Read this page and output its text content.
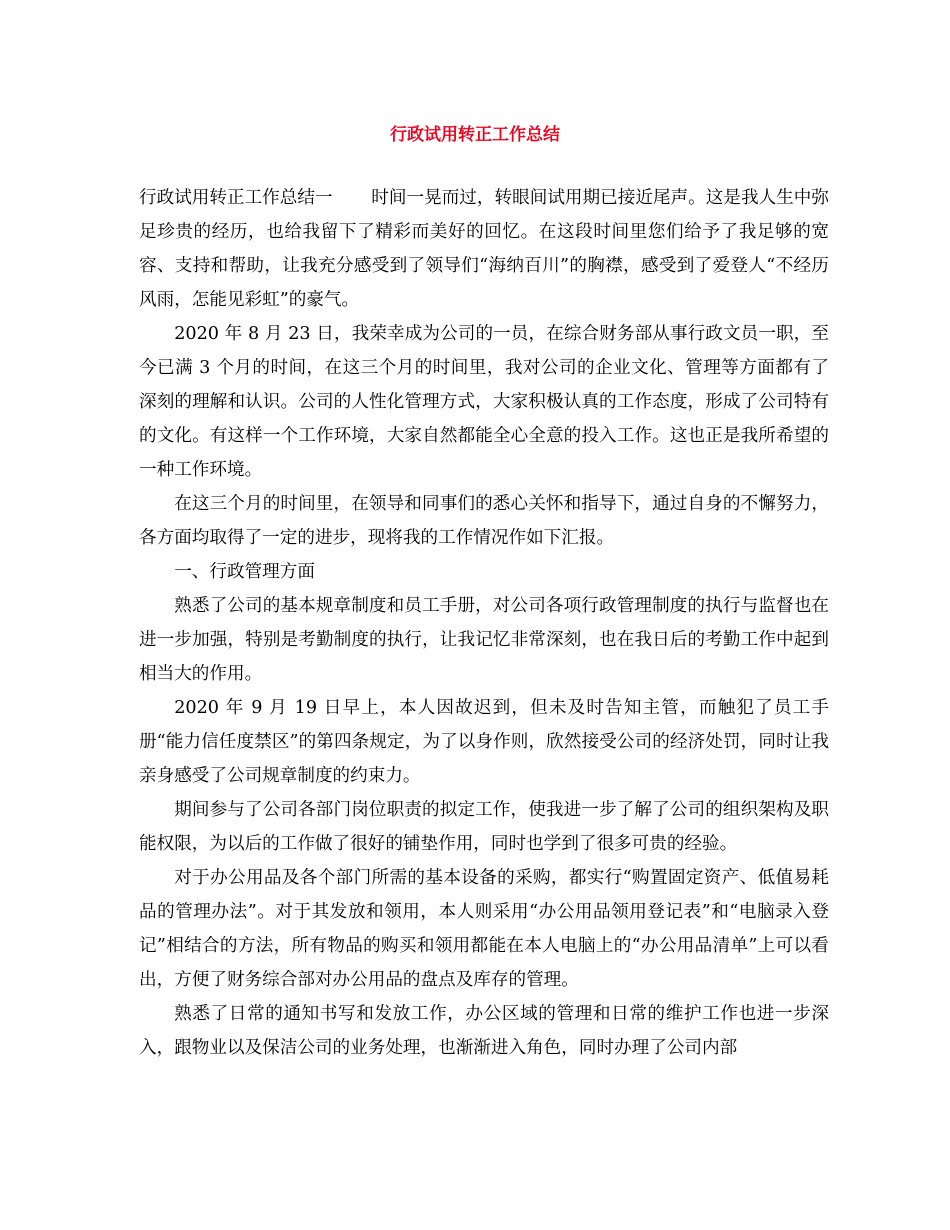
行政试用转正工作总结

行政试用转正工作总结一 时间一晃而过，转眼间试用期已接近尾声。这是我人生中弥足珍贵的经历，也给我留下了精彩而美好的回忆。在这段时间里您们给予了我足够的宽容、支持和帮助，让我充分感受到了领导们“海纳百川”的胸襟，感受到了爱登人“不经历风雨，怎能见彩虹”的豪气。

2020 年 8 月 23 日，我荣幸成为公司的一员，在综合财务部从事行政文员一职，至今已满 3 个月的时间，在这三个月的时间里，我对公司的企业文化、管理等方面都有了深刻的理解和认识。公司的人性化管理方式，大家积极认真的工作态度，形成了公司特有的文化。有这样一个工作环境，大家自然都能全心全意的投入工作。这也正是我所希望的一种工作环境。

在这三个月的时间里，在领导和同事们的悉心关怀和指导下，通过自身的不懈努力，各方面均取得了一定的进步，现将我的工作情况作如下汇报。

一、行政管理方面

熟悉了公司的基本规章制度和员工手册，对公司各项行政管理制度的执行与监督也在进一步加强，特别是考勤制度的执行，让我记忆非常深刻，也在我日后的考勤工作中起到相当大的作用。

2020 年 9 月 19 日早上，本人因故迟到，但未及时告知主管，而触犯了员工手册“能力信任度禁区”的第四条规定，为了以身作则，欣然接受公司的经济处罚，同时让我亲身感受了公司规章制度的约束力。

期间参与了公司各部门岗位职责的拟定工作，使我进一步了解了公司的组织架构及职能权限，为以后的工作做了很好的铺垫作用，同时也学到了很多可贵的经验。

对于办公用品及各个部门所需的基本设备的采购，都实行“购置固定资产、低值易耗品的管理办法”。对于其发放和领用，本人则采用“办公用品领用登记表”和“电脑录入登记”相结合的方法，所有物品的购买和领用都能在本人电脑上的“办公用品清单”上可以看出，方便了财务综合部对办公用品的盘点及库存的管理。

熟悉了日常的通知书写和发放工作，办公区域的管理和日常的维护工作也进一步深入，跟物业以及保洁公司的业务处理，也渐渐进入角色，同时办理了公司内部
